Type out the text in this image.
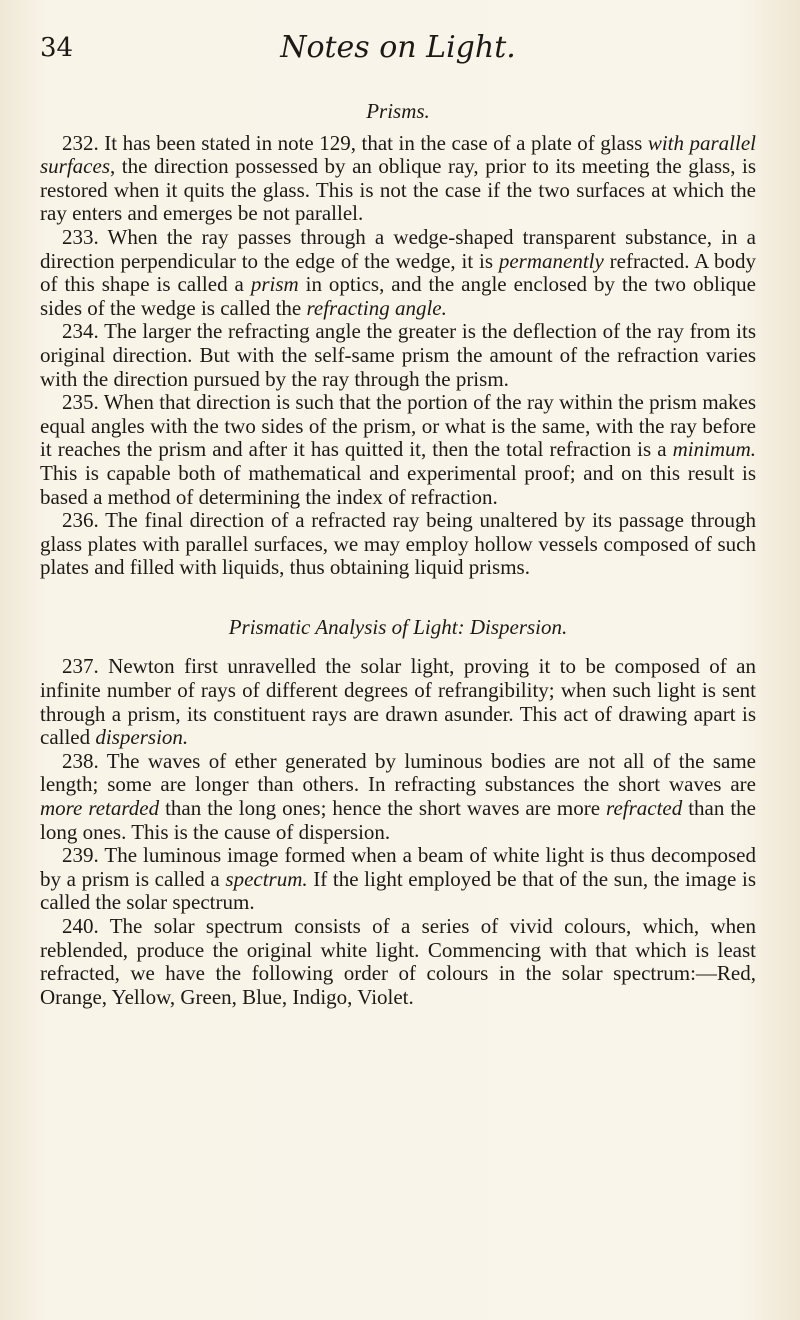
34	Notes on Light.

Prisms.

232. It has been stated in note 129, that in the case of a plate of glass with parallel surfaces, the direction possessed by an oblique ray, prior to its meeting the glass, is restored when it quits the glass. This is not the case if the two surfaces at which the ray enters and emerges be not parallel.

233. When the ray passes through a wedge-shaped transparent substance, in a direction perpendicular to the edge of the wedge, it is permanently refracted. A body of this shape is called a prism in optics, and the angle enclosed by the two oblique sides of the wedge is called the refracting angle.

234. The larger the refracting angle the greater is the deflection of the ray from its original direction. But with the self-same prism the amount of the refraction varies with the direction pursued by the ray through the prism.

235. When that direction is such that the portion of the ray within the prism makes equal angles with the two sides of the prism, or what is the same, with the ray before it reaches the prism and after it has quitted it, then the total refraction is a minimum. This is capable both of mathematical and experimental proof; and on this result is based a method of determining the index of refraction.

236. The final direction of a refracted ray being unaltered by its passage through glass plates with parallel surfaces, we may employ hollow vessels composed of such plates and filled with liquids, thus obtaining liquid prisms.

Prismatic Analysis of Light: Dispersion.

237. Newton first unravelled the solar light, proving it to be composed of an infinite number of rays of different degrees of refrangibility; when such light is sent through a prism, its constituent rays are drawn asunder. This act of drawing apart is called dispersion.

238. The waves of ether generated by luminous bodies are not all of the same length; some are longer than others. In refracting substances the short waves are more retarded than the long ones; hence the short waves are more refracted than the long ones. This is the cause of dispersion.

239. The luminous image formed when a beam of white light is thus decomposed by a prism is called a spectrum. If the light employed be that of the sun, the image is called the solar spectrum.

240. The solar spectrum consists of a series of vivid colours, which, when reblended, produce the original white light. Commencing with that which is least refracted, we have the following order of colours in the solar spectrum:—Red, Orange, Yellow, Green, Blue, Indigo, Violet.
